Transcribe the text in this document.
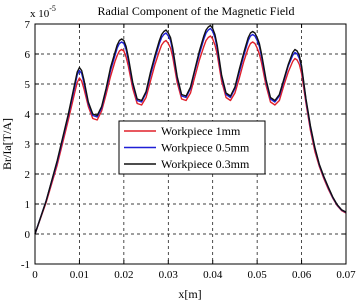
Radial Component of the Magnetic Field
x $10^{-5}$
0	0.01 0.02 0.03 0.04 0.05 0.06 0.07
-1
0
1
2
3
4
5
6
7
x[m]
Br/Ia[T/A]	Workpiece 1mm
Workpiece 0.5mm
Workpiece 0.3mm
